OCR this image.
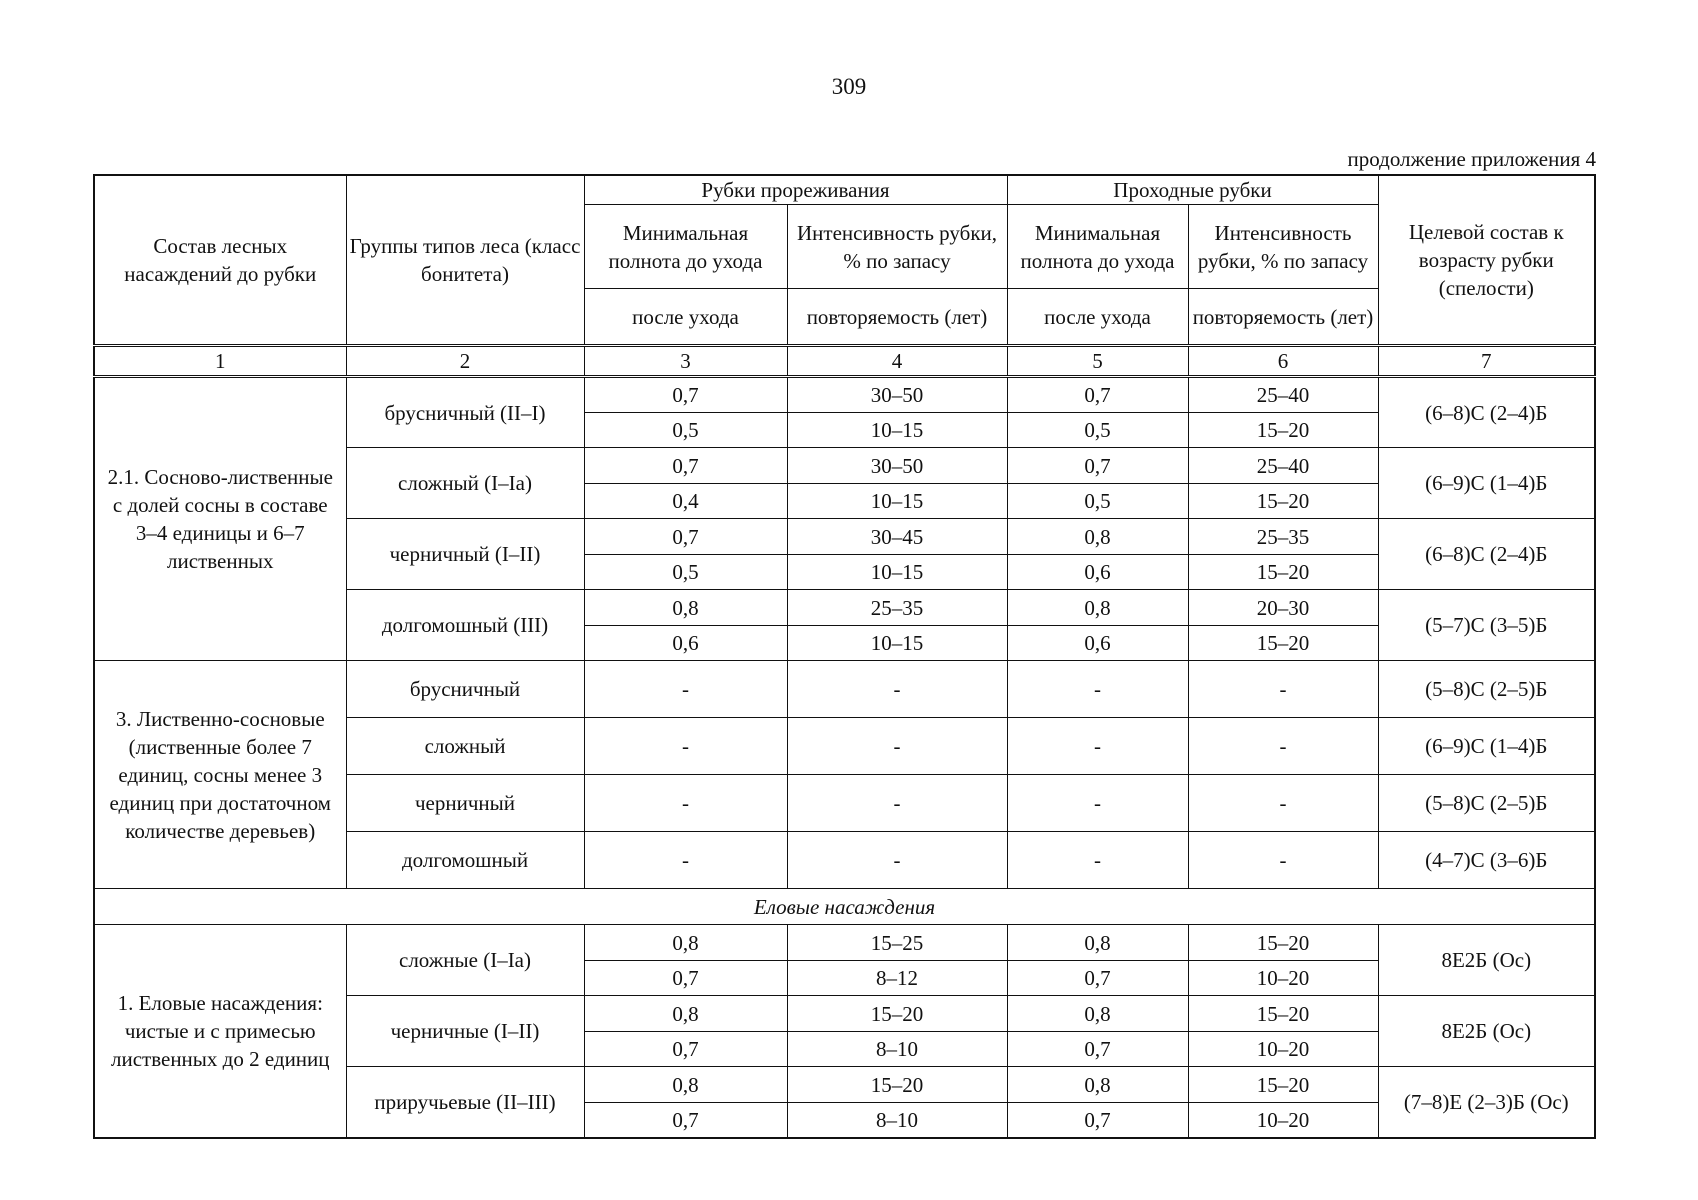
309
продолжение приложения 4
Состав лесных насаждений до рубки	Группы типов леса (класс бонитета)	Рубки прореживания		Проходные рубки		Целевой состав к возрасту рубки (спелости)
		Минимальная полнота до ухода	Интенсивность рубки, % по запасу	Минимальная полнота до ухода	Интенсивность рубки, % по запасу	
		после ухода	повторяемость (лет)	после ухода	повторяемость (лет)	
1	2	3	4	5	6	7
2.1. Сосново-лиственные с долей сосны в составе 3–4 единицы и 6–7 лиственных	брусничный (II–I)	0,7	30–50	0,7	25–40	(6–8)С (2–4)Б
		0,5	10–15	0,5	15–20	
	сложный (I–Ia)	0,7	30–50	0,7	25–40	(6–9)С (1–4)Б
		0,4	10–15	0,5	15–20	
	черничный (I–II)	0,7	30–45	0,8	25–35	(6–8)С (2–4)Б
		0,5	10–15	0,6	15–20	
	долгомошный (III)	0,8	25–35	0,8	20–30	(5–7)С (3–5)Б
		0,6	10–15	0,6	15–20	
3. Лиственно-сосновые (лиственные более 7 единиц, сосны менее 3 единиц при достаточном количестве деревьев)	брусничный	-	-	-	-	(5–8)С (2–5)Б
	сложный	-	-	-	-	(6–9)С (1–4)Б
	черничный	-	-	-	-	(5–8)С (2–5)Б
	долгомошный	-	-	-	-	(4–7)С (3–6)Б
Еловые насаждения						
1. Еловые насаждения: чистые и с примесью лиственных до 2 единиц	сложные (I–Ia)	0,8	15–25	0,8	15–20	8Е2Б (Ос)
		0,7	8–12	0,7	10–20	
	черничные (I–II)	0,8	15–20	0,8	15–20	8Е2Б (Ос)
		0,7	8–10	0,7	10–20	
	приручьевые (II–III)	0,8	15–20	0,8	15–20	(7–8)Е (2–3)Б (Ос)
		0,7	8–10	0,7	10–20	
